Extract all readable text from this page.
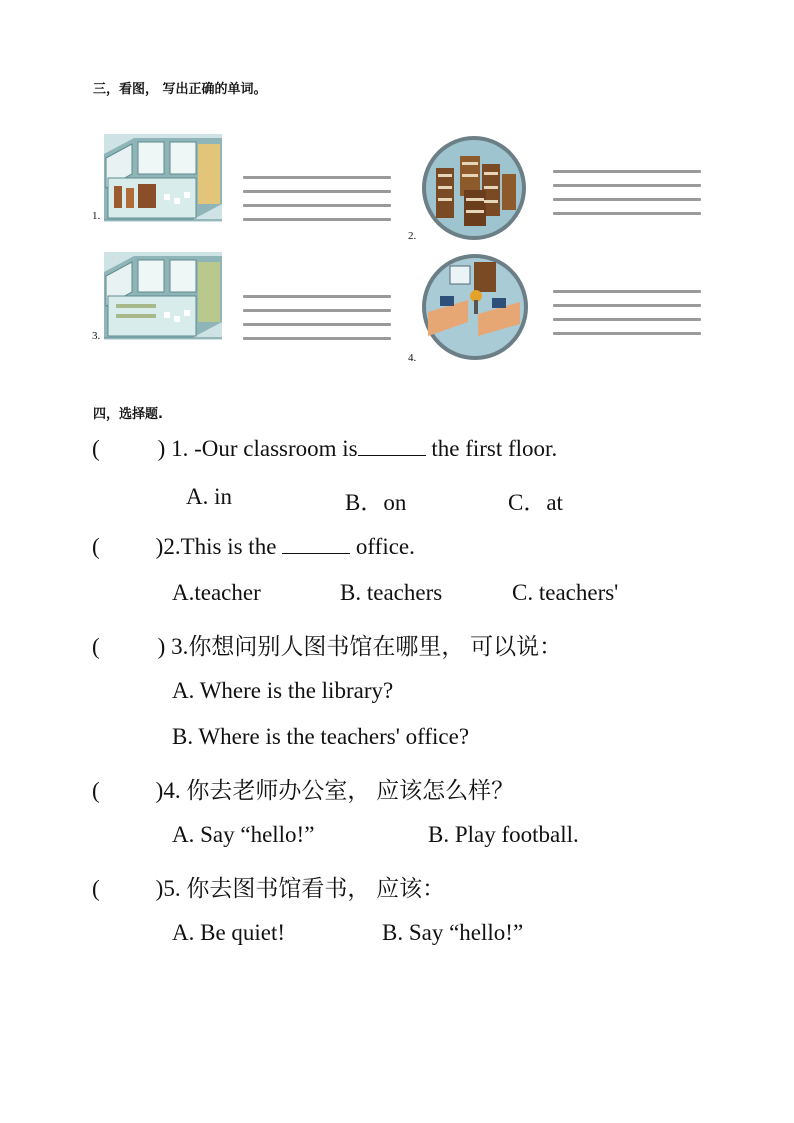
三，看图， 写出正确的单词。
1.
2.
3.
4.
四，选择题.
(	) 1. -Our classroom is	the first floor.
A. in	B．on	C．at
( )2.This is the	office.
A.teacher	B. teachers	C. teachers'
(	) 3.你想问别人图书馆在哪里， 可以说：
A. Where is the library?
B. Where is the teachers' office?
( )4. 你去老师办公室， 应该怎么样？
A. Say “hello!”	B. Play football.
( )5. 你去图书馆看书， 应该：
A. Be quiet!	B. Say “hello!”
